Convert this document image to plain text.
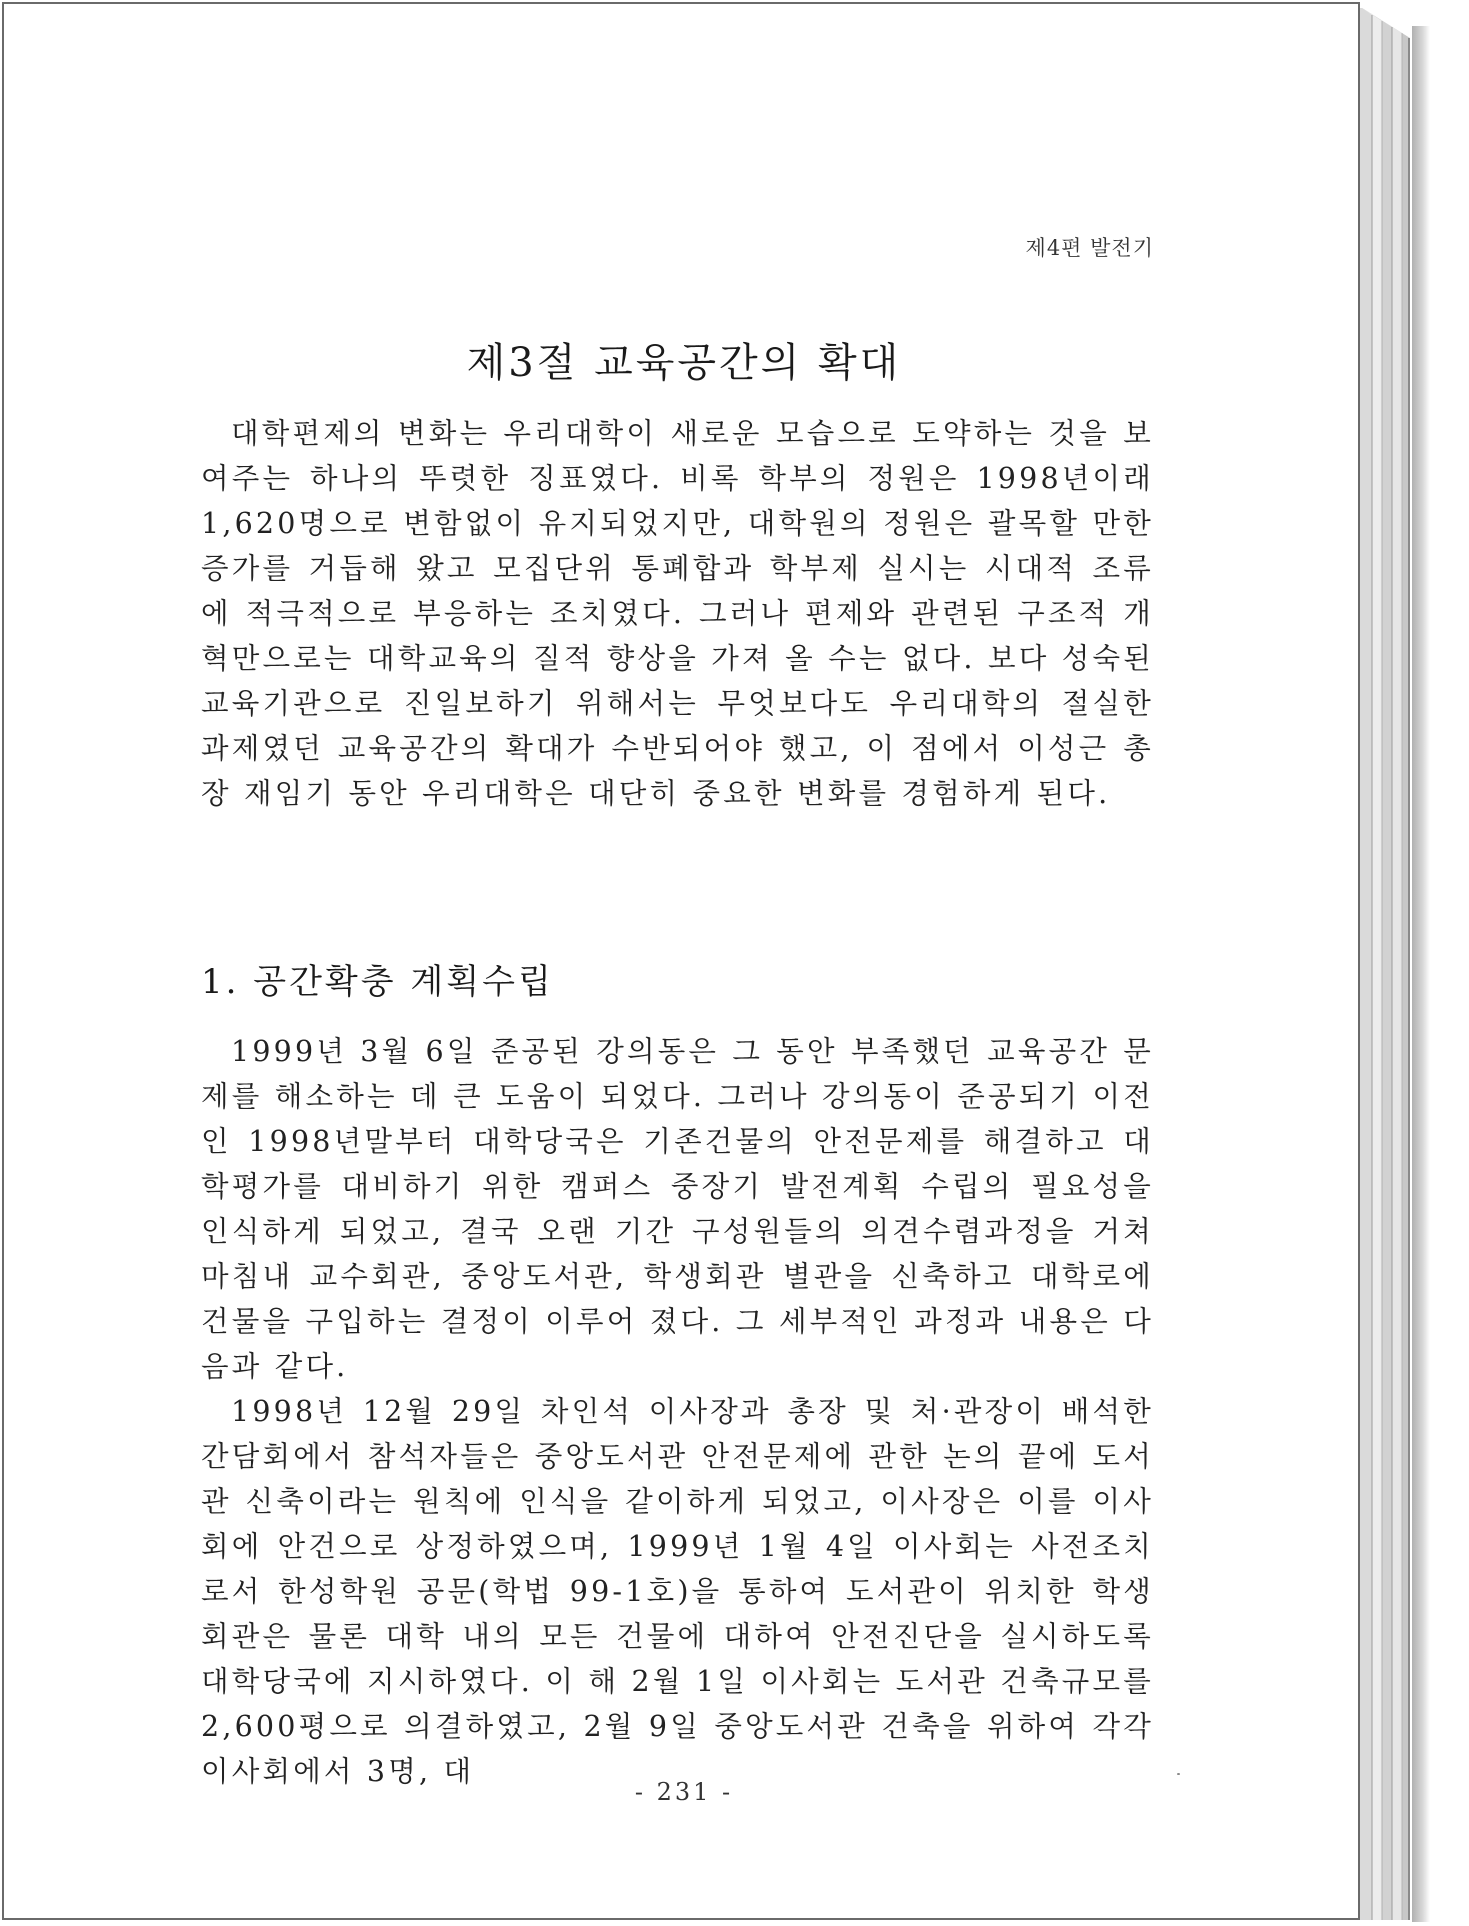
제4편 발전기
제3절 교육공간의 확대

대학편제의 변화는 우리대학이 새로운 모습으로 도약하는 것을 보여주는 하나의 뚜렷한 징표였다. 비록 학부의 정원은 1998년이래 1,620명으로 변함없이 유지되었지만, 대학원의 정원은 괄목할 만한 증가를 거듭해 왔고 모집단위 통폐합과 학부제 실시는 시대적 조류에 적극적으로 부응하는 조치였다. 그러나 편제와 관련된 구조적 개혁만으로는 대학교육의 질적 향상을 가져 올 수는 없다. 보다 성숙된 교육기관으로 진일보하기 위해서는 무엇보다도 우리대학의 절실한 과제였던 교육공간의 확대가 수반되어야 했고, 이 점에서 이성근 총장 재임기 동안 우리대학은 대단히 중요한 변화를 경험하게 된다.

1. 공간확충 계획수립

1999년 3월 6일 준공된 강의동은 그 동안 부족했던 교육공간 문제를 해소하는 데 큰 도움이 되었다. 그러나 강의동이 준공되기 이전인 1998년말부터 대학당국은 기존건물의 안전문제를 해결하고 대학평가를 대비하기 위한 캠퍼스 중장기 발전계획 수립의 필요성을 인식하게 되었고, 결국 오랜 기간 구성원들의 의견수렴과정을 거쳐 마침내 교수회관, 중앙도서관, 학생회관 별관을 신축하고 대학로에 건물을 구입하는 결정이 이루어 졌다. 그 세부적인 과정과 내용은 다음과 같다.

1998년 12월 29일 차인석 이사장과 총장 및 처·관장이 배석한 간담회에서 참석자들은 중앙도서관 안전문제에 관한 논의 끝에 도서관 신축이라는 원칙에 인식을 같이하게 되었고, 이사장은 이를 이사회에 안건으로 상정하였으며, 1999년 1월 4일 이사회는 사전조치로서 한성학원 공문(학법 99-1호)을 통하여 도서관이 위치한 학생회관은 물론 대학 내의 모든 건물에 대하여 안전진단을 실시하도록 대학당국에 지시하였다. 이 해 2월 1일 이사회는 도서관 건축규모를 2,600평으로 의결하였고, 2월 9일 중앙도서관 건축을 위하여 각각 이사회에서 3명, 대

- 231 -
